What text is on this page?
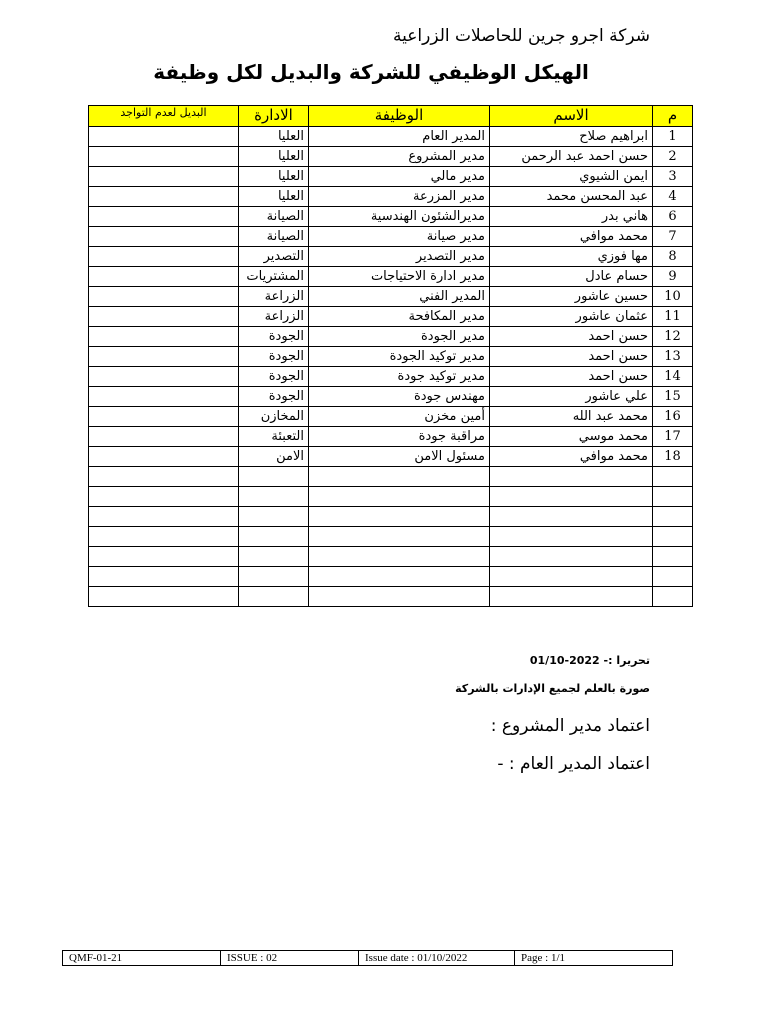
شركة اجرو جرين للحاصلات الزراعية
الهيكل الوظيفي للشركة والبديل لكل وظيفة
م	الاسم	الوظيفة	الادارة	البديل لعدم التواجد
1	ابراهيم صلاح	المدير العام	العليا	
2	حسن احمد عبد الرحمن	مدير المشروع	العليا	
3	ايمن الشيوي	مدير مالي	العليا	
4	عبد المحسن محمد	مدير المزرعة	العليا	
6	هاني بدر	مديرالشئون الهندسية	الصيانة	
7	محمد موافي	مدير صيانة	الصيانة	
8	مها فوزي	مدير التصدير	التصدير	
9	حسام عادل	مدير ادارة الاحتياجات	المشتريات	
10	حسين عاشور	المدير الفني	الزراعة	
11	عثمان عاشور	مدير المكافحة	الزراعة	
12	حسن احمد	مدير الجودة	الجودة	
13	حسن احمد	مدير توكيد الجودة	الجودة	
14	حسن احمد	مدير توكيد جودة	الجودة	
15	علي عاشور	مهندس جودة	الجودة	
16	محمد عبد الله	أمين مخزن	المخازن	
17	محمد موسي	مراقبة جودة	التعبئة	
18	محمد موافي	مسئول الامن	الامن	

تحريرا :- 2022-01/10
صورة بالعلم لجميع الإدارات بالشركة
اعتماد مدير المشروع :
اعتماد المدير العام : -
QMF-01-21	ISSUE : 02	Issue date : 01/10/2022	Page : 1/1
